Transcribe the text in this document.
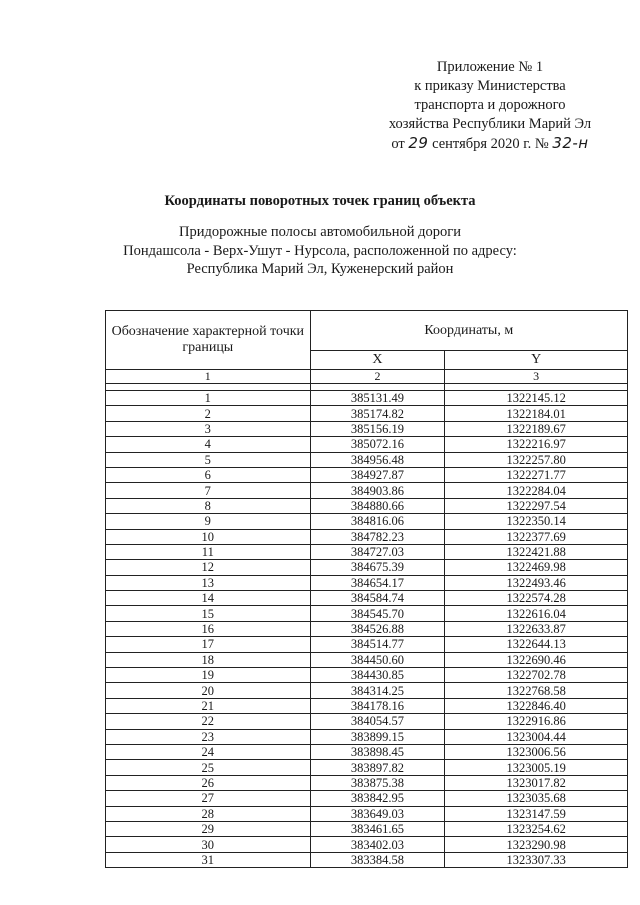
Приложение № 1
к приказу Министерства
транспорта и дорожного
хозяйства Республики Марий Эл
от 29 сентября 2020 г. № 32-н
Координаты поворотных точек границ объекта
Придорожные полосы автомобильной дороги
Пондашсола - Верх-Ушут - Нурсола, расположенной по адресу:
Республика Марий Эл, Куженерский район
Обозначение характерной точки границы	Координаты, м	
	X	Y
1	2	3

1	385131.49	1322145.12
2	385174.82	1322184.01
3	385156.19	1322189.67
4	385072.16	1322216.97
5	384956.48	1322257.80
6	384927.87	1322271.77
7	384903.86	1322284.04
8	384880.66	1322297.54
9	384816.06	1322350.14
10	384782.23	1322377.69
11	384727.03	1322421.88
12	384675.39	1322469.98
13	384654.17	1322493.46
14	384584.74	1322574.28
15	384545.70	1322616.04
16	384526.88	1322633.87
17	384514.77	1322644.13
18	384450.60	1322690.46
19	384430.85	1322702.78
20	384314.25	1322768.58
21	384178.16	1322846.40
22	384054.57	1322916.86
23	383899.15	1323004.44
24	383898.45	1323006.56
25	383897.82	1323005.19
26	383875.38	1323017.82
27	383842.95	1323035.68
28	383649.03	1323147.59
29	383461.65	1323254.62
30	383402.03	1323290.98
31	383384.58	1323307.33
